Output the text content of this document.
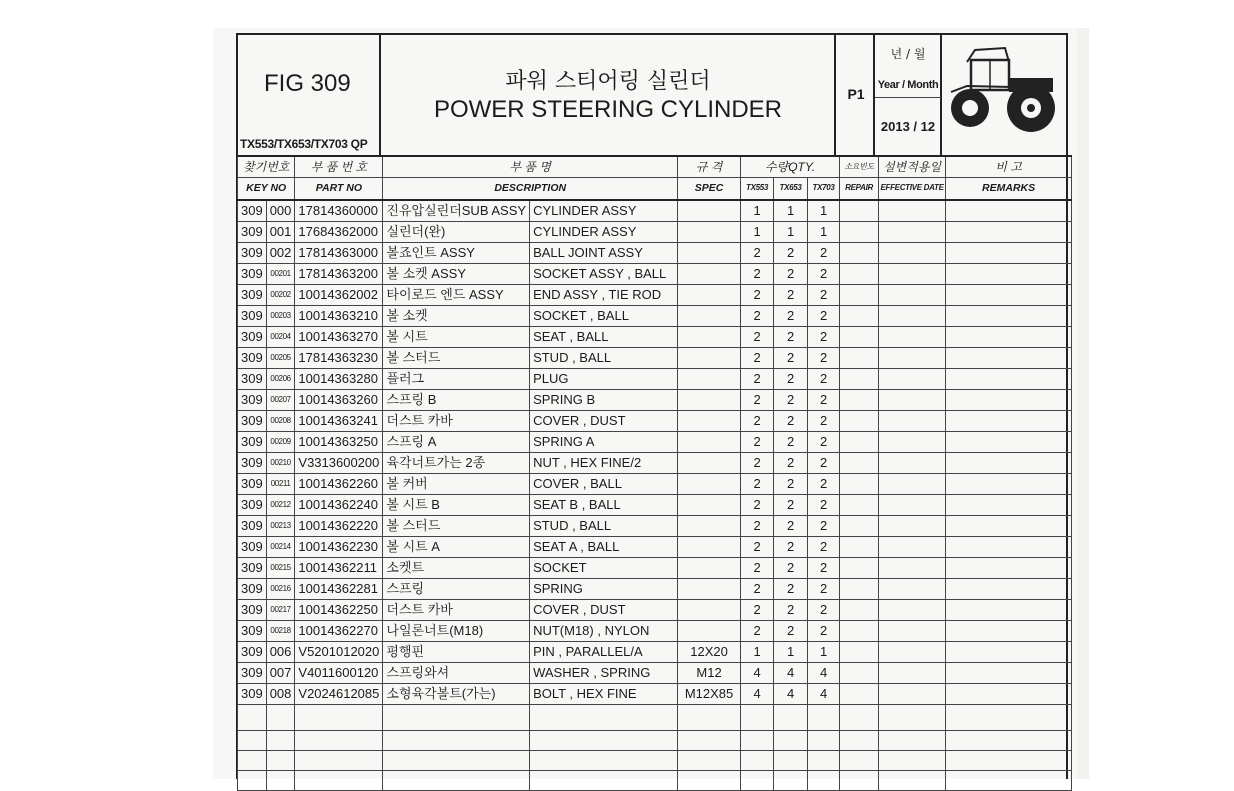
FIG 309
TX553/TX653/TX703 QP
파워 스티어링 실린더
POWER STEERING CYLINDER
P1
년 / 월
Year / Month
2013 / 12
찾기번호		부 품 번 호	부 품 명		규 격	수량QTY.			소요빈도	설변적용일	비 고
KEY NO		PART NO	DESCRIPTION		SPEC	TX553	TX653	TX703	REPAIR	EFFECTIVE DATE	REMARKS
309	000	17814360000	진유압실린더SUB ASSY	CYLINDER ASSY		1	1	1			
309	001	17684362000	실린더(완)	CYLINDER ASSY		1	1	1			
309	002	17814363000	볼죠인트 ASSY	BALL JOINT ASSY		2	2	2			
309	00201	17814363200	볼 소켓 ASSY	SOCKET ASSY , BALL		2	2	2			
309	00202	10014362002	타이로드 엔드 ASSY	END ASSY , TIE ROD		2	2	2			
309	00203	10014363210	볼 소켓	SOCKET , BALL		2	2	2			
309	00204	10014363270	볼 시트	SEAT , BALL		2	2	2			
309	00205	17814363230	볼 스터드	STUD , BALL		2	2	2			
309	00206	10014363280	플러그	PLUG		2	2	2			
309	00207	10014363260	스프링 B	SPRING B		2	2	2			
309	00208	10014363241	더스트 카바	COVER , DUST		2	2	2			
309	00209	10014363250	스프링 A	SPRING A		2	2	2			
309	00210	V3313600200	육각너트가는 2종	NUT , HEX FINE/2		2	2	2			
309	00211	10014362260	볼 커버	COVER , BALL		2	2	2			
309	00212	10014362240	볼 시트 B	SEAT B , BALL		2	2	2			
309	00213	10014362220	볼 스터드	STUD , BALL		2	2	2			
309	00214	10014362230	볼 시트 A	SEAT A , BALL		2	2	2			
309	00215	10014362211	소켓트	SOCKET		2	2	2			
309	00216	10014362281	스프링	SPRING		2	2	2			
309	00217	10014362250	더스트 카바	COVER , DUST		2	2	2			
309	00218	10014362270	나일론너트(M18)	NUT(M18) , NYLON		2	2	2			
309	006	V5201012020	평행핀	PIN , PARALLEL/A	12X20	1	1	1			
309	007	V4011600120	스프링와셔	WASHER , SPRING	M12	4	4	4			
309	008	V2024612085	소형육각볼트(가는)	BOLT , HEX FINE	M12X85	4	4	4			
